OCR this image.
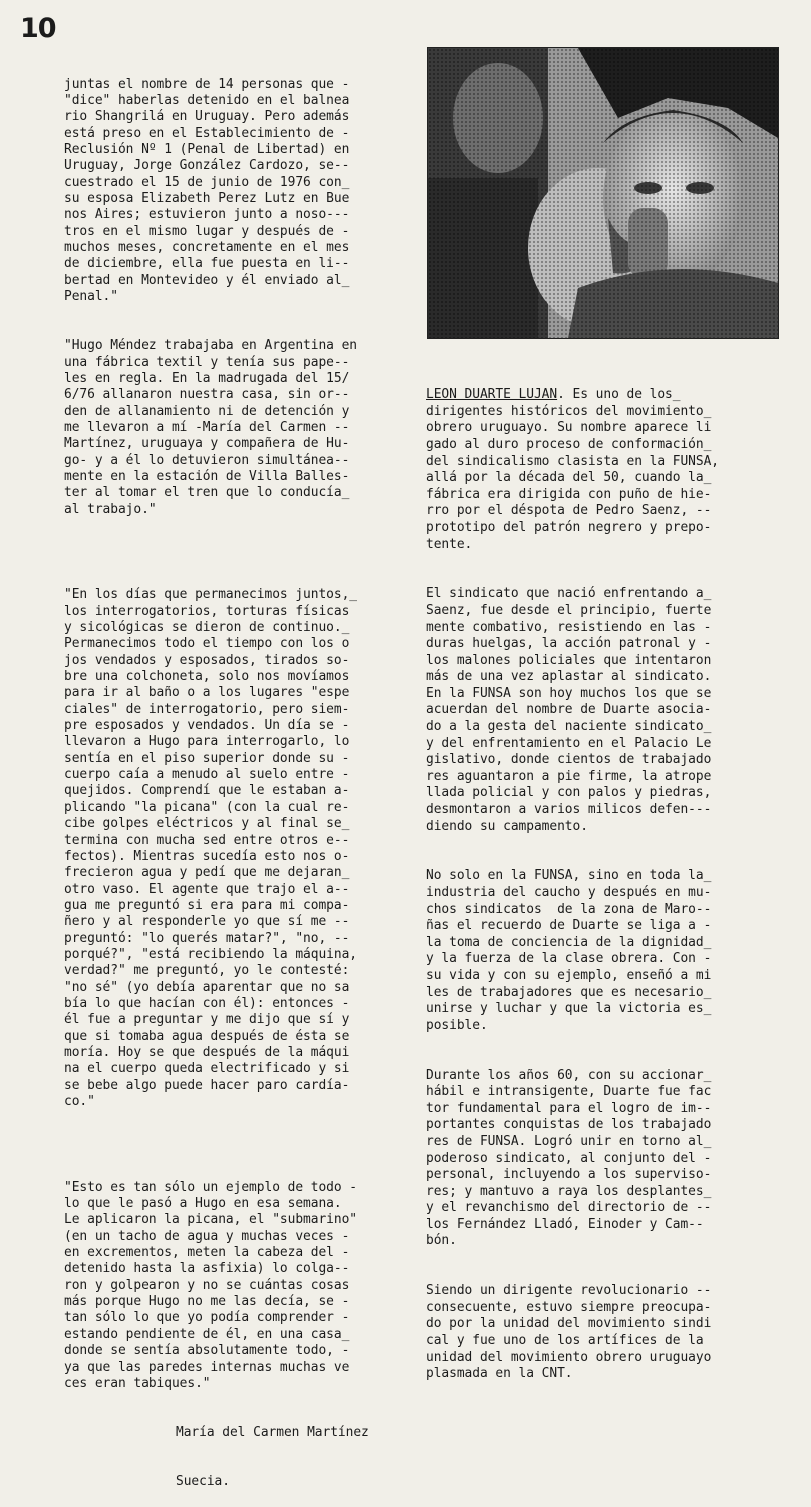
10

juntas el nombre de 14 personas que -
"dice" haberlas detenido en el balnea
rio Shangrilá en Uruguay. Pero además
está preso en el Establecimiento de -
Reclusión Nº 1 (Penal de Libertad) en
Uruguay, Jorge González Cardozo, se--
cuestrado el 15 de junio de 1976 con_
su esposa Elizabeth Perez Lutz en Bue
nos Aires; estuvieron junto a noso---
tros en el mismo lugar y después de -
muchos meses, concretamente en el mes
de diciembre, ella fue puesta en li--
bertad en Montevideo y él enviado al_
Penal."

"Hugo Méndez trabajaba en Argentina en
una fábrica textil y tenía sus pape--
les en regla. En la madrugada del 15/
6/76 allanaron nuestra casa, sin or--
den de allanamiento ni de detención y
me llevaron a mí -María del Carmen --
Martínez, uruguaya y compañera de Hu-
go- y a él lo detuvieron simultánea--
mente en la estación de Villa Balles-
ter al tomar el tren que lo conducía_
al trabajo."

"En los días que permanecimos juntos,_
los interrogatorios, torturas físicas
y sicológicas se dieron de continuo._
Permanecimos todo el tiempo con los o
jos vendados y esposados, tirados so-
bre una colchoneta, solo nos movíamos
para ir al baño o a los lugares "espe
ciales" de interrogatorio, pero siem-
pre esposados y vendados. Un día se -
llevaron a Hugo para interrogarlo, lo
sentía en el piso superior donde su -
cuerpo caía a menudo al suelo entre -
quejidos. Comprendí que le estaban a-
plicando "la picana" (con la cual re-
cibe golpes eléctricos y al final se_
termina con mucha sed entre otros e--
fectos). Mientras sucedía esto nos o-
frecieron agua y pedí que me dejaran_
otro vaso. El agente que trajo el a--
gua me preguntó si era para mi compa-
ñero y al responderle yo que sí me --
preguntó: "lo querés matar?", "no, --
porqué?", "está recibiendo la máquina,
verdad?" me preguntó, yo le contesté:
"no sé" (yo debía aparentar que no sa
bía lo que hacían con él): entonces -
él fue a preguntar y me dijo que sí y
que si tomaba agua después de ésta se
moría. Hoy se que después de la máqui
na el cuerpo queda electrificado y si
se bebe algo puede hacer paro cardía-
co."

"Esto es tan sólo un ejemplo de todo -
lo que le pasó a Hugo en esa semana.
Le aplicaron la picana, el "submarino"
(en un tacho de agua y muchas veces -
en excrementos, meten la cabeza del -
detenido hasta la asfixia) lo colga--
ron y golpearon y no se cuántas cosas
más porque Hugo no me las decía, se -
tan sólo lo que yo podía comprender -
estando pendiente de él, en una casa_
donde se sentía absolutamente todo, -
ya que las paredes internas muchas ve
ces eran tabiques."

María del Carmen Martínez

Suecia.

LEON DUARTE LUJAN. Es uno de los_
dirigentes históricos del movimiento_
obrero uruguayo. Su nombre aparece li
gado al duro proceso de conformación_
del sindicalismo clasista en la FUNSA,
allá por la década del 50, cuando la_
fábrica era dirigida con puño de hie-
rro por el déspota de Pedro Saenz, --
prototipo del patrón negrero y prepo-
tente.

El sindicato que nació enfrentando a_
Saenz, fue desde el principio, fuerte
mente combativo, resistiendo en las -
duras huelgas, la acción patronal y -
los malones policiales que intentaron
más de una vez aplastar al sindicato.
En la FUNSA son hoy muchos los que se
acuerdan del nombre de Duarte asocia-
do a la gesta del naciente sindicato_
y del enfrentamiento en el Palacio Le
gislativo, donde cientos de trabajado
res aguantaron a pie firme, la atrope
llada policial y con palos y piedras,
desmontaron a varios milicos defen---
diendo su campamento.

No solo en la FUNSA, sino en toda la_
industria del caucho y después en mu-
chos sindicatos  de la zona de Maro--
ñas el recuerdo de Duarte se liga a -
la toma de conciencia de la dignidad_
y la fuerza de la clase obrera. Con -
su vida y con su ejemplo, enseñó a mi
les de trabajadores que es necesario_
unirse y luchar y que la victoria es_
posible.

Durante los años 60, con su accionar_
hábil e intransigente, Duarte fue fac
tor fundamental para el logro de im--
portantes conquistas de los trabajado
res de FUNSA. Logró unir en torno al_
poderoso sindicato, al conjunto del -
personal, incluyendo a los superviso-
res; y mantuvo a raya los desplantes_
y el revanchismo del directorio de --
los Fernández Lladó, Einoder y Cam--
bón.

Siendo un dirigente revolucionario --
consecuente, estuvo siempre preocupa-
do por la unidad del movimiento sindi
cal y fue uno de los artífices de la
unidad del movimiento obrero uruguayo
plasmada en la CNT.
